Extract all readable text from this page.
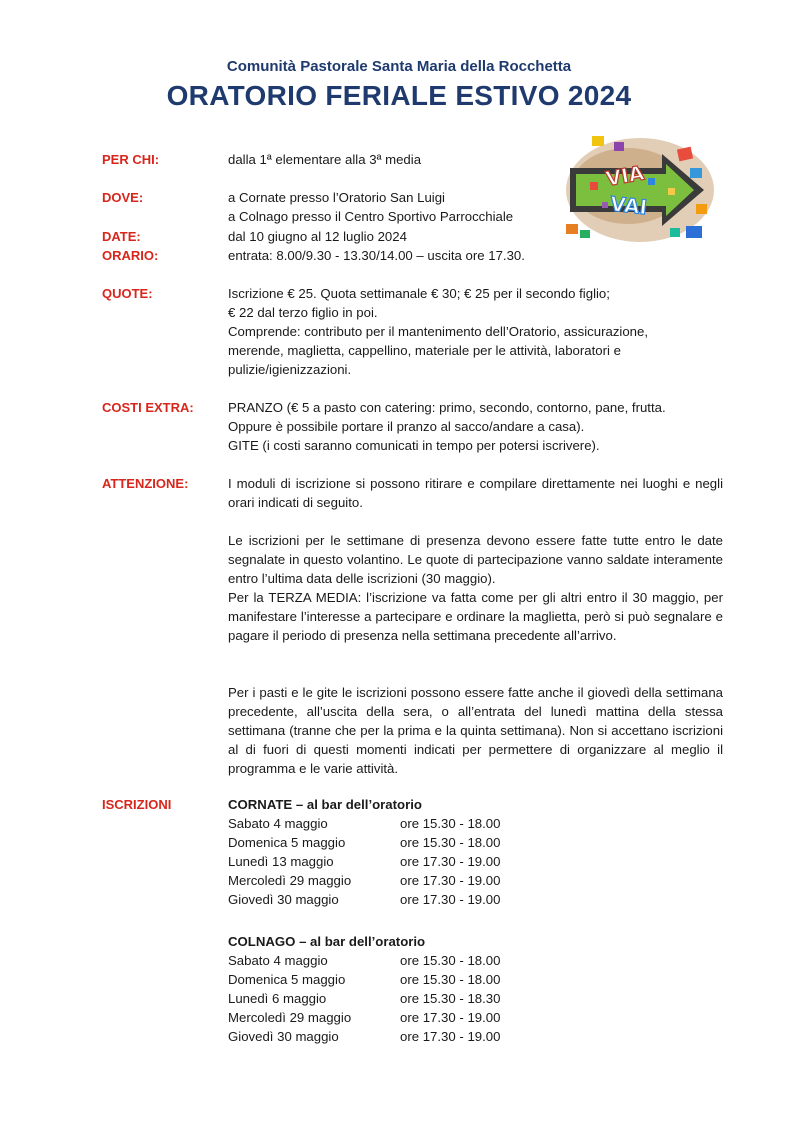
Comunità Pastorale Santa Maria della Rocchetta
ORATORIO FERIALE ESTIVO 2024
VIA
VAI
PER CHI:	dalla 1ª elementare alla 3ª media
DOVE:	a Cornate presso l’Oratorio San Luigi

a Colnago presso il Centro Sportivo Parrocchiale

DATE:	dal 10 giugno al 12 luglio 2024
ORARIO:	entrata: 8.00/9.30 - 13.30/14.00 – uscita ore 17.30.
QUOTE:	Iscrizione € 25. Quota settimanale € 30; € 25 per il secondo figlio;

€ 22 dal terzo figlio in poi.

Comprende: contributo per il mantenimento dell’Oratorio, assicurazione,

merende, maglietta, cappellino, materiale per le attività, laboratori e

pulizie/igienizzazioni.

COSTI EXTRA:	PRANZO (€ 5 a pasto con catering: primo, secondo, contorno, pane, frutta.

Oppure è possibile portare il pranzo al sacco/andare a casa).

GITE (i costi saranno comunicati in tempo per potersi iscrivere).

ATTENZIONE:	I moduli di iscrizione si possono ritirare e compilare direttamente nei luoghi e negli orari indicati di seguito.

Le iscrizioni per le settimane di presenza devono essere fatte tutte entro le date segnalate in questo volantino. Le quote di partecipazione vanno saldate interamente entro l’ultima data delle iscrizioni (30 maggio).

Per la TERZA MEDIA: l’iscrizione va fatta come per gli altri entro il 30 maggio, per manifestare l’interesse a partecipare e ordinare la maglietta, però si può segnalare e pagare il periodo di presenza nella settimana precedente all’arrivo.

Per i pasti e le gite le iscrizioni possono essere fatte anche il giovedì della settimana precedente, all’uscita della sera, o all’entrata del lunedì mattina della stessa settimana (tranne che per la prima e la quinta settimana). Non si accettano iscrizioni al di fuori di questi momenti indicati per permettere di organizzare al meglio il programma e le varie attività.
ISCRIZIONI	CORNATE – al bar dell’oratorio
Sabato 4 maggio	ore 15.30 - 18.00
Domenica 5 maggio	ore 15.30 - 18.00
Lunedì 13 maggio	ore 17.30 - 19.00
Mercoledì 29 maggio	ore 17.30 - 19.00
Giovedì 30 maggio	ore 17.30 - 19.00
COLNAGO – al bar dell’oratorio
Sabato 4 maggio	ore 15.30 - 18.00
Domenica 5 maggio	ore 15.30 - 18.00
Lunedì 6 maggio	ore 15.30 - 18.30
Mercoledì 29 maggio	ore 17.30 - 19.00
Giovedì 30 maggio	ore 17.30 - 19.00
